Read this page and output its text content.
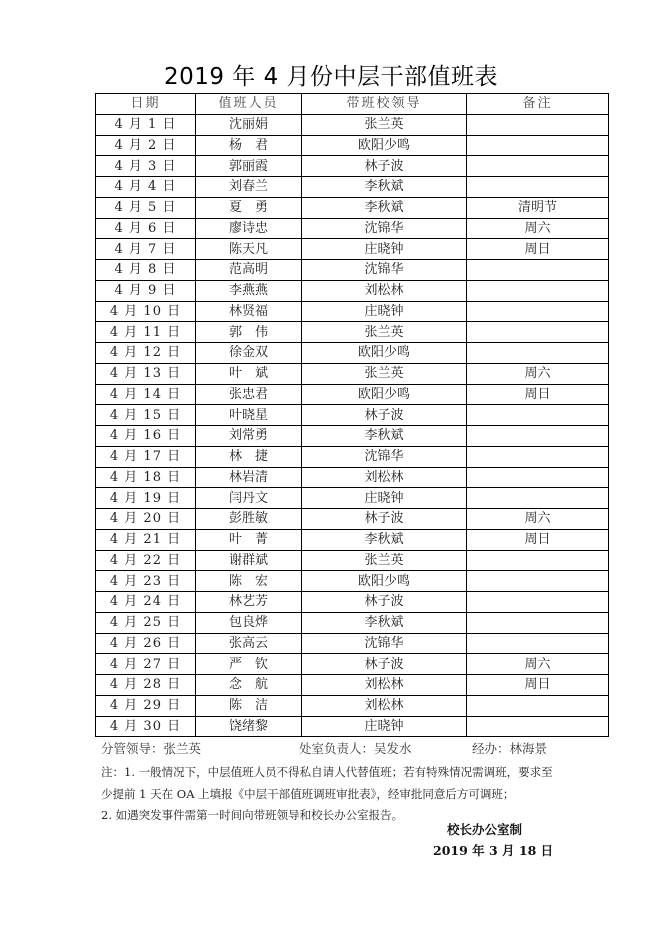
2019 年 4 月份中层干部值班表
日期	值班人员	带班校领导	备注
4 月 1 日	沈丽娟	张兰英	
4 月 2 日	杨　君	欧阳少鸣	
4 月 3 日	郭丽霞	林子波	
4 月 4 日	刘春兰	李秋斌	
4 月 5 日	夏　勇	李秋斌	清明节
4 月 6 日	廖诗忠	沈锦华	周六
4 月 7 日	陈天凡	庄晓钟	周日
4 月 8 日	范高明	沈锦华	
4 月 9 日	李燕燕	刘松林	
4 月 10 日	林贤福	庄晓钟	
4 月 11 日	郭　伟	张兰英	
4 月 12 日	徐金双	欧阳少鸣	
4 月 13 日	叶　斌	张兰英	周六
4 月 14 日	张忠君	欧阳少鸣	周日
4 月 15 日	叶晓星	林子波	
4 月 16 日	刘常勇	李秋斌	
4 月 17 日	林　捷	沈锦华	
4 月 18 日	林岩清	刘松林	
4 月 19 日	闫丹文	庄晓钟	
4 月 20 日	彭胜敏	林子波	周六
4 月 21 日	叶　菁	李秋斌	周日
4 月 22 日	谢群斌	张兰英	
4 月 23 日	陈　宏	欧阳少鸣	
4 月 24 日	林艺芳	林子波	
4 月 25 日	包良烨	李秋斌	
4 月 26 日	张高云	沈锦华	
4 月 27 日	严　钦	林子波	周六
4 月 28 日	念　航	刘松林	周日
4 月 29 日	陈　洁	刘松林	
4 月 30 日	饶绪黎	庄晓钟	
分管领导：张兰英	处室负责人：吴发水	经办：林海景

注：1. 一般情况下，中层值班人员不得私自请人代替值班；若有特殊情况需调班，要求至

少提前 1 天在 OA 上填报《中层干部值班调班审批表》，经审批同意后方可调班；

2. 如遇突发事件需第一时间向带班领导和校长办公室报告。

校长办公室制
2019 年 3 月 18 日
